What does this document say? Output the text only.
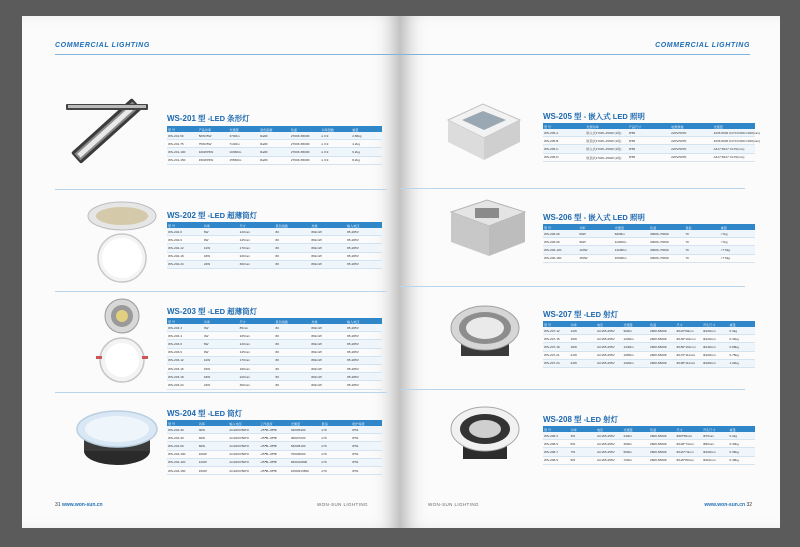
COMMERCIAL LIGHTING
WS-201 型 -LED 条形灯
型 号	产品功率	光通量	显色指数	色温	功率因数	重量
WS-201-50	50W±5W	3700lm	Ra80	2700K-6500K	≥ 0.9	2.86kg
WS-201-75	75W±5W	7140lm	Ra80	2700K-6500K	≥ 0.9	4.2kg
WS-201-100	100W±5W	10360lm	Ra80	2700K-6500K	≥ 0.9	6.2kg
WS-201-150	150W±5W	15560lm	Ra80	2700K-6500K	≥ 0.9	8.2kg
WS-202 型 -LED 超薄筒灯
型 号	功率	尺寸	显色指数	光效	输入电压
WS-202-6	6W	120mm	80	80lm/W	85-265V
WS-202-9	9W	145mm	80	80lm/W	85-265V
WS-202-12	12W	170mm	80	80lm/W	85-265V
WS-202-18	18W	220mm	80	80lm/W	85-265V
WS-202-24	24W	300mm	80	80lm/W	85-265V
WS-203 型 -LED 超薄筒灯
型 号	功率	尺寸	显色指数	光效	输入电压
WS-203-3	3W	85mm	80	80lm/W	85-265V
WS-203-4	4W	105mm	80	80lm/W	85-265V
WS-203-6	6W	120mm	80	80lm/W	85-265V
WS-203-9	9W	145mm	80	80lm/W	85-265V
WS-203-12	12W	170mm	80	80lm/W	85-265V
WS-203-15	15W	190mm	80	80lm/W	85-265V
WS-203-18	18W	220mm	80	80lm/W	85-265V
WS-203-24	24W	300mm	80	80lm/W	85-265V
WS-204 型 -LED 筒灯
型 号	功率	输入电压	工作温度	光通量	显指	防护等级
WS-204-30	30W	AC220V/50Hz	-25℃~45℃	3200/5400	≥70	IP51
WS-204-40	40W	AC220V/50Hz	-25℃~45℃	3600/7200	≥70	IP51
WS-204-60	60W	AC220V/50Hz	-25℃~45℃	5300/8100	≥70	IP51
WS-204-100	100W	AC220V/50Hz	-25℃~45℃	7000/9000	≥70	IP51
WS-204-120	120W	AC220V/50Hz	-25℃~45℃	8400/10800	≥70	IP51
WS-204-150	150W	AC220V/50Hz	-25℃~45℃	10500/13500	≥70	IP51
31 www.won-sun.cn	WON-SUN LIGHTING
COMMERCIAL LIGHTING
WS-205 型 - 嵌入式 LED 照明
型 号	光源功率	产品尺寸	电源规格	光通量
WS-205-A	嵌入式170W~150W (1时)	IP65	220V/50Hz	4336 8036 C270 D180 C200(mm)
WS-205-B	嵌顶式170W~150W (1时)	IP65	220V/50Hz	4336 8036 C270 D180 C200(mm)
WS-205-C	嵌入式170W~150W (1时)	IP65	220V/50Hz	A417 B417 C170(mm)
WS-205-D	嵌顶式170W~150W (1时)	IP65	220V/50Hz	A417 B417 C170(mm)
WS-206 型 - 嵌入式 LED 照明
型 号	功率	光通量	色温	显指	重量
WS-206-60	60W	6600lm	3000K-7000K	70	<7kg
WS-206-90	90W	11000lm	3000K-7000K	70	<7kg
WS-206-120	120W	13200lm	3000K-7000K	70	<7.5kg
WS-206-150	150W	16500lm	3000K-7000K	70	<7.5kg
WS-207 型 -LED 射灯
型 号	功率	电压	光通量	色温	尺寸	开孔尺寸	重量
WS-207-12	12W	AC165-265V	960lm	2800-6500K	Φ110*90mm	Φ100mm	0.3kg
WS-207-15	15W	AC165-265V	1200lm	2800-6500K	Φ130*101mm	Φ120mm	0.34kg
WS-207-18	18W	AC165-265V	1440lm	2800-6500K	Φ150*101mm	Φ140mm	0.68kg
WS-207-21	21W	AC165-265V	1680lm	2800-6500K	Φ170*111mm	Φ160mm	0.75kg
WS-207-24	24W	AC165-265V	1920lm	2800-6500K	Φ190*111mm	Φ180mm	1.02kg
WS-208 型 -LED 射灯
型 号	功率	电压	光通量	色温	尺寸	开孔尺寸	重量
WS-208-3	3W	AC165-265V	240lm	2800-6500K	Φ80*58mm	Φ70mm	0.2kg
WS-208-5	5W	AC165-265V	400lm	2800-6500K	Φ100*74mm	Φ90mm	0.30kg
WS-208-7	7W	AC165-265V	560lm	2800-6500K	Φ110*74mm	Φ100mm	0.36kg
WS-208-9	9W	AC165-265V	720lm	2800-6500K	Φ120*80mm	Φ110mm	0.48kg
WON-SUN LIGHTING	www.won-sun.cn 32
